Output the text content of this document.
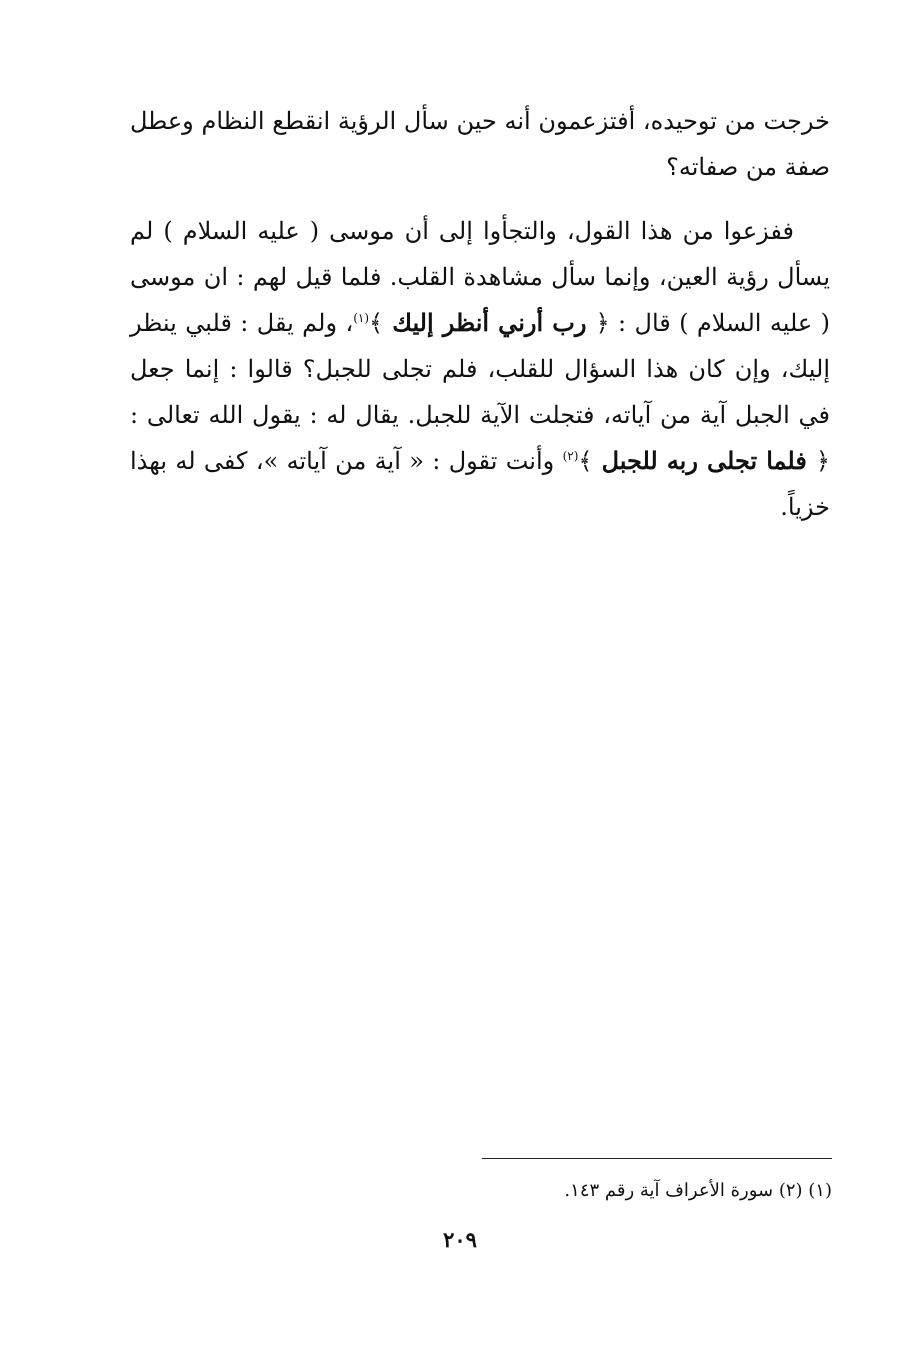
خرجت من توحيده، أفتزعمون أنه حين سأل الرؤية انقطع النظام وعطل صفة من صفاته؟

ففزعوا من هذا القول، والتجأوا إلى أن موسى ( عليه السلام ) لم يسأل رؤية العين، وإنما سأل مشاهدة القلب. فلما قيل لهم : ان موسى ( عليه السلام ) قال : ﴿ رب أرني أنظر إليك ﴾$^{(١)}$، ولم يقل : قلبي ينظر إليك، وإن كان هذا السؤال للقلب، فلم تجلى للجبل؟ قالوا : إنما جعل في الجبل آية من آياته، فتجلت الآية للجبل. يقال له : يقول الله تعالى : ﴿ فلما تجلى ربه للجبل ﴾$^{(٢)}$ وأنت تقول : « آية من آياته »، كفى له بهذا خزياً.

(١) (٢) سورة الأعراف آية رقم ١٤٣.
٢٠٩
